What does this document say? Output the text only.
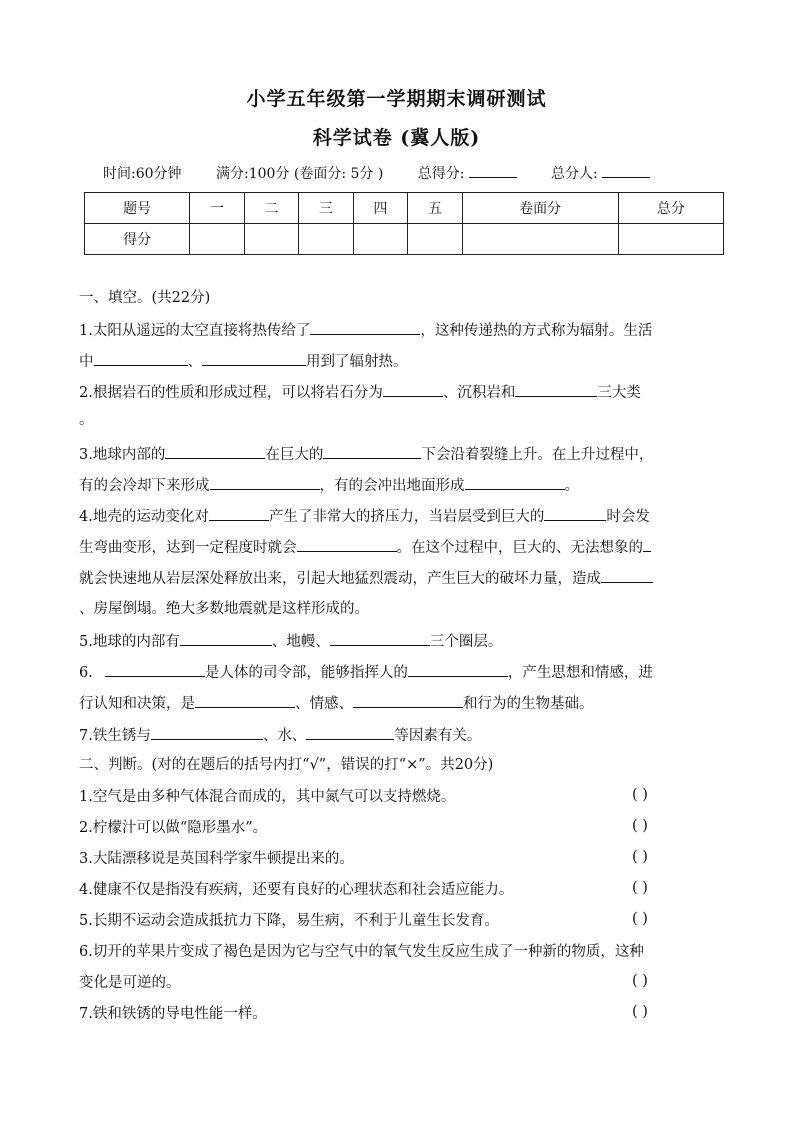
小学五年级第一学期期末调研测试
科学试卷 (冀人版)
时间:60分钟 满分:100分 (卷面分: 5分 ) 总得分:	总分人:
题号	一	二	三	四	五	卷面分	总分
得分							
一、填空。(共22分)
1.太阳从遥远的太空直接将热传给了	，这种传递热的方式称为辐射。生活
中	、	用到了辐射热。
2.根据岩石的性质和形成过程，可以将岩石分为	、沉积岩和	三大类
。
3.地球内部的	在巨大的	下会沿着裂缝上升。在上升过程中，
有的会冷却下来形成	，有的会冲出地面形成	。
4.地壳的运动变化对	产生了非常大的挤压力，当岩层受到巨大的	时会发
生弯曲变形，达到一定程度时就会	。在这个过程中，巨大的、无法想象的
就会快速地从岩层深处释放出来，引起大地猛烈震动，产生巨大的破坏力量，造成
、房屋倒塌。绝大多数地震就是这样形成的。
5.地球的内部有	、地幔、	三个圈层。
6.	是人体的司令部，能够指挥人的	，产生思想和情感，进
行认知和决策，是	、情感、	和行为的生物基础。
7.铁生锈与	、水、	等因素有关。
二、判断。(对的在题后的括号内打“√”，错误的打“×”。共20分)
1.空气是由多种气体混合而成的，其中氮气可以支持燃烧。	( )
2.柠檬汁可以做“隐形墨水”。	( )
3.大陆漂移说是英国科学家牛顿提出来的。	( )
4.健康不仅是指没有疾病，还要有良好的心理状态和社会适应能力。	( )
5.长期不运动会造成抵抗力下降，易生病，不利于儿童生长发育。	( )
6.切开的苹果片变成了褐色是因为它与空气中的氧气发生反应生成了一种新的物质，这种
变化是可逆的。	( )
7.铁和铁锈的导电性能一样。	( )
